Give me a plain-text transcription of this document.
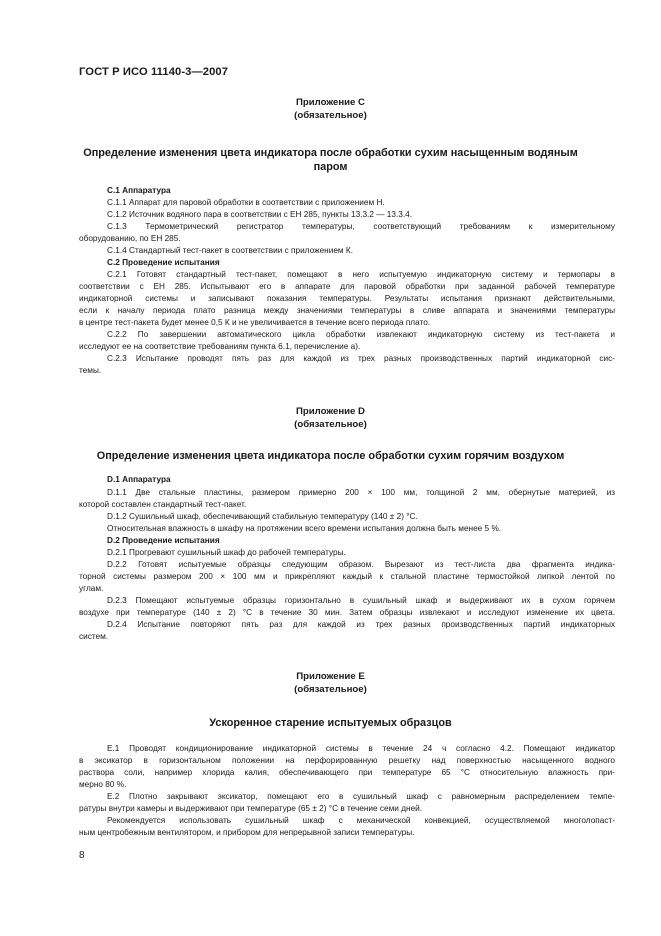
ГОСТ Р ИСО 11140-3—2007
Приложение С
(обязательное)
Определение изменения цвета индикатора после обработки сухим насыщенным водяным
паром
С.1 Аппаратура
С.1.1 Аппарат для паровой обработки в соответствии с приложением Н.
С.1.2 Источник водяного пара в соответствии с ЕН 285, пункты 13.3.2 — 13.3.4.
С.1.3 Термометрический регистратор температуры, соответствующий требованиям к измерительному
оборудованию, по ЕН 285.
С.1.4 Стандартный тест-пакет в соответствии с приложением К.
С.2 Проведение испытания
С.2.1 Готовят стандартный тест-пакет, помещают в него испытуемую индикаторную систему и термопары в
соответствии с ЕН 285. Испытывают его в аппарате для паровой обработки при заданной рабочей температуре
индикаторной системы и записывают показания температуры. Результаты испытания признают действительными,
если к началу периода плато разница между значениями температуры в сливе аппарата и значениями температуры
в центре тест-пакета будет менее 0,5 К и не увеличивается в течение всего периода плато.
С.2.2 По завершении автоматического цикла обработки извлекают индикаторную систему из тест-пакета и
исследуют ее на соответствие требованиям пункта 6.1, перечисление а).
С.2.3 Испытание проводят пять раз для каждой из трех разных производственных партий индикаторной сис-
темы.
Приложение D
(обязательное)
Определение изменения цвета индикатора после обработки сухим горячим воздухом
D.1 Аппаратура
D.1.1 Две стальные пластины, размером примерно 200 × 100 мм, толщиной 2 мм, обернутые материей, из
которой составлен стандартный тест-пакет.
D.1.2 Сушильный шкаф, обеспечивающий стабильную температуру (140 ± 2) °С.
Относительная влажность в шкафу на протяжении всего времени испытания должна быть менее 5 %.
D.2 Проведение испытания
D.2.1 Прогревают сушильный шкаф до рабочей температуры.
D.2.2 Готовят испытуемые образцы следующим образом. Вырезают из тест-листа два фрагмента индика-
торной системы размером 200 × 100 мм и прикрепляют каждый к стальной пластине термостойкой липкой лентой по
углам.
D.2.3 Помещают испытуемые образцы горизонтально в сушильный шкаф и выдерживают их в сухом горячем
воздухе при температуре (140 ± 2) °С в течение 30 мин. Затем образцы извлекают и исследуют изменение их цвета.
D.2.4 Испытание повторяют пять раз для каждой из трех разных производственных партий индикаторных
систем.
Приложение Е
(обязательное)
Ускоренное старение испытуемых образцов
Е.1 Проводят кондиционирование индикаторной системы в течение 24 ч согласно 4.2. Помещают индикатор
в эксикатор в горизонтальном положении на перфорированную решетку над поверхностью насыщенного водного
раствора соли, например хлорида калия, обеспечивающего при температуре 65 °С относительную влажность при-
мерно 80 %.
Е.2 Плотно закрывают эксикатор, помещают его в сушильный шкаф с равномерным распределением темпе-
ратуры внутри камеры и выдерживают при температуре (65 ± 2) °С в течение семи дней.
Рекомендуется использовать сушильный шкаф с механической конвекцией, осуществляемой многолопаст-
ным центробежным вентилятором, и прибором для непрерывной записи температуры.
8
